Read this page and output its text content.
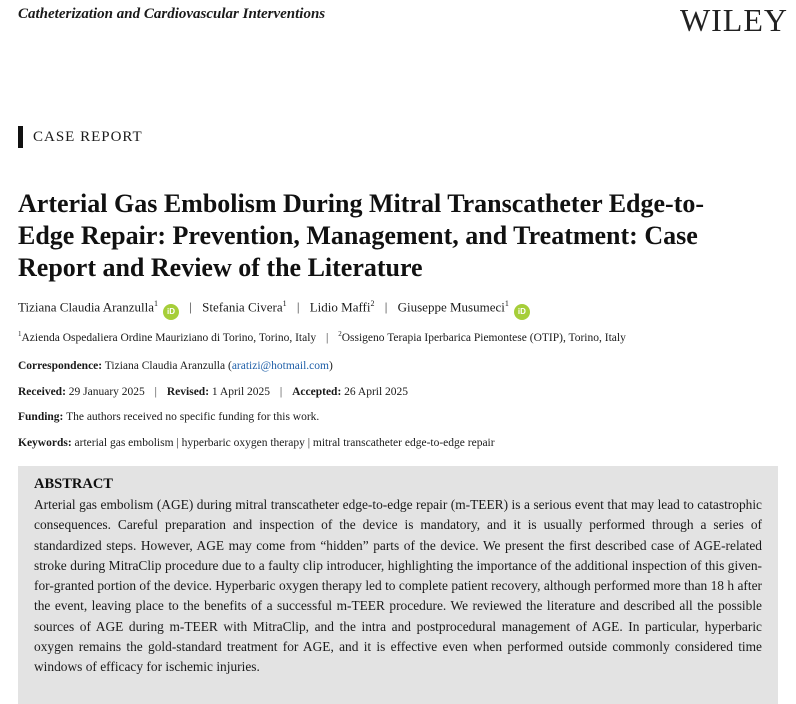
Catheterization and Cardiovascular Interventions	WILEY
CASE REPORT
Arterial Gas Embolism During Mitral Transcatheter Edge-to-Edge Repair: Prevention, Management, and Treatment: Case Report and Review of the Literature
Tiziana Claudia Aranzulla$^1$iD | Stefania Civera$^1$ | Lidio Maffi$^2$ | Giuseppe Musumeci$^1$iD
$^1$Azienda Ospedaliera Ordine Mauriziano di Torino, Torino, Italy | $^2$Ossigeno Terapia Iperbarica Piemontese (OTIP), Torino, Italy
Correspondence: Tiziana Claudia Aranzulla (aratizi@hotmail.com)
Received: 29 January 2025 | Revised: 1 April 2025 | Accepted: 26 April 2025
Funding: The authors received no specific funding for this work.
Keywords: arterial gas embolism | hyperbaric oxygen therapy | mitral transcatheter edge-to-edge repair
ABSTRACT

Arterial gas embolism (AGE) during mitral transcatheter edge-to-edge repair (m-TEER) is a serious event that may lead to catastrophic consequences. Careful preparation and inspection of the device is mandatory, and it is usually performed through a series of standardized steps. However, AGE may come from “hidden” parts of the device. We present the first described case of AGE-related stroke during MitraClip procedure due to a faulty clip introducer, highlighting the importance of the additional inspection of this given-for-granted portion of the device. Hyperbaric oxygen therapy led to complete patient recovery, although performed more than 18 h after the event, leaving place to the benefits of a successful m-TEER procedure. We reviewed the literature and described all the possible sources of AGE during m-TEER with MitraClip, and the intra and postprocedural management of AGE. In particular, hyperbaric oxygen remains the gold-standard treatment for AGE, and it is effective even when performed outside commonly considered time windows of efficacy for ischemic injuries.
